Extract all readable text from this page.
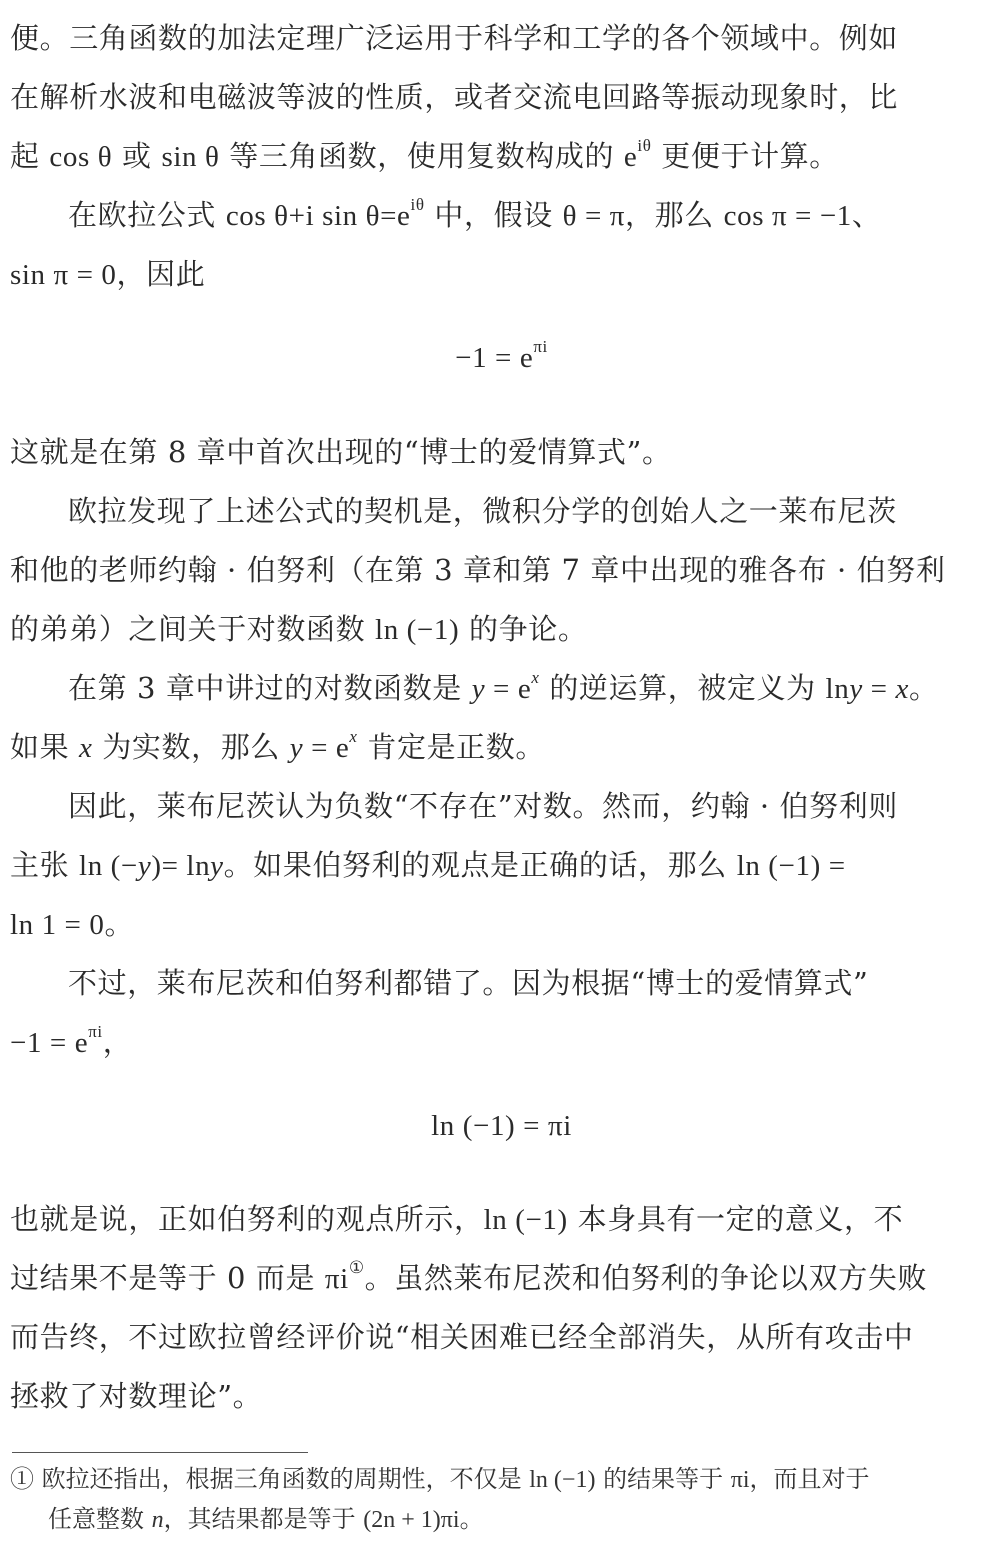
便。三角函数的加法定理广泛运用于科学和工学的各个领域中。例如
在解析水波和电磁波等波的性质，或者交流电回路等振动现象时，比
起 cos θ 或 sin θ 等三角函数，使用复数构成的 $e^{i\theta}$ 更便于计算。
在欧拉公式 cos θ+i $\sin \theta=e^{i\theta}$ 中，假设 θ = π，那么 cos π = −1、
sin π = 0，因此
$-1 = e^{\pi i}$
这就是在第 8 章中首次出现的“博士的爱情算式”。
欧拉发现了上述公式的契机是，微积分学的创始人之一莱布尼茨
和他的老师约翰 · 伯努利（在第 3 章和第 7 章中出现的雅各布 · 伯努利
的弟弟）之间关于对数函数 ln (−1) 的争论。
在第 3 章中讲过的对数函数是 $y = e^x$ 的逆运算，被定义为 lny = x。
如果 x 为实数，那么 $y = e^x$ 肯定是正数。
因此，莱布尼茨认为负数“不存在”对数。然而，约翰 · 伯努利则
主张 ln (−y)= lny。如果伯努利的观点是正确的话，那么 ln (−1) =
ln 1 = 0。
不过，莱布尼茨和伯努利都错了。因为根据“博士的爱情算式”
$-1 = e^{\pi i}$，
ln (−1) = πi
也就是说，正如伯努利的观点所示，ln (−1) 本身具有一定的意义，不
过结果不是等于 0 而是 πi①。虽然莱布尼茨和伯努利的争论以双方失败
而告终，不过欧拉曾经评价说“相关困难已经全部消失，从所有攻击中
拯救了对数理论”。
① 欧拉还指出，根据三角函数的周期性，不仅是 ln (−1) 的结果等于 πi，而且对于
任意整数 n，其结果都是等于 (2n + 1)πi。
